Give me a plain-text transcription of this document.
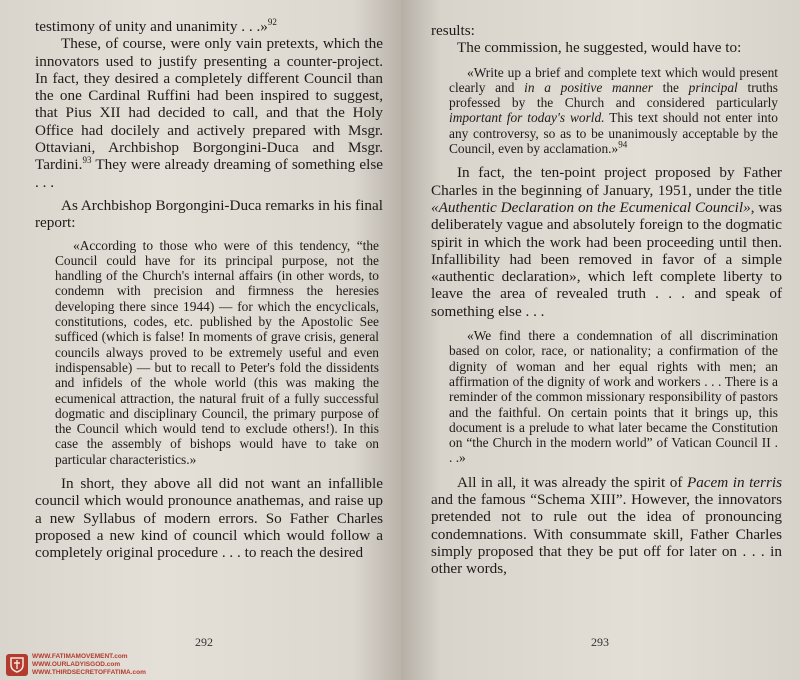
testimony of unity and unanimity . . .»$^{92}$

These, of course, were only vain pretexts, which the innovators used to justify presenting a counter-project. In fact, they desired a completely different Council than the one Cardinal Ruffini had been inspired to suggest, that Pius XII had decided to call, and that the Holy Office had docilely and actively prepared with Msgr. Ottaviani, Archbishop Borgongini-Duca and Msgr. Tardini.$^{93}$ They were already dreaming of something else . . .

As Archbishop Borgongini-Duca remarks in his final report:

«According to those who were of this tendency, “the Council could have for its principal purpose, not the handling of the Church's internal affairs (in other words, to condemn with precision and firmness the heresies developing there since 1944) — for which the encyclicals, constitutions, codes, etc. published by the Apostolic See sufficed (which is false! In moments of grave crisis, general councils always proved to be extremely useful and even indispensable) — but to recall to Peter's fold the dissidents and infidels of the whole world (this was making the ecumenical attraction, the natural fruit of a fully successful dogmatic and disciplinary Council, the primary purpose of the Council which would tend to exclude others!). In this case the assembly of bishops would have to take on particular characteristics.»

In short, they above all did not want an infallible council which would pronounce anathemas, and raise up a new Syllabus of modern errors. So Father Charles proposed a new kind of council which would follow a completely original procedure . . . to reach the desired

292
WWW.FATIMAMOVEMENT.com
WWW.OURLADYISGOD.com
WWW.THIRDSECRETOFFATIMA.com

results:

The commission, he suggested, would have to:

«Write up a brief and complete text which would present clearly and in a positive manner the principal truths professed by the Church and considered particularly important for today's world. This text should not enter into any controversy, so as to be unanimously acceptable by the Council, even by acclamation.»$^{94}$

In fact, the ten-point project proposed by Father Charles in the beginning of January, 1951, under the title «Authentic Declaration on the Ecumenical Council», was deliberately vague and absolutely foreign to the dogmatic spirit in which the work had been proceeding until then. Infallibility had been removed in favor of a simple «authentic declaration», which left complete liberty to leave the area of revealed truth . . . and speak of something else . . .

«We find there a condemnation of all discrimination based on color, race, or nationality; a confirmation of the dignity of woman and her equal rights with men; an affirmation of the dignity of work and workers . . . There is a reminder of the common missionary responsibility of pastors and the faithful. On certain points that it brings up, this document is a prelude to what later became the Constitution on “the Church in the modern world” of Vatican Council II . . .»

All in all, it was already the spirit of Pacem in terris and the famous “Schema XIII”. However, the innovators pretended not to rule out the idea of pronouncing condemnations. With consummate skill, Father Charles simply proposed that they be put off for later on . . . in other words,

293
